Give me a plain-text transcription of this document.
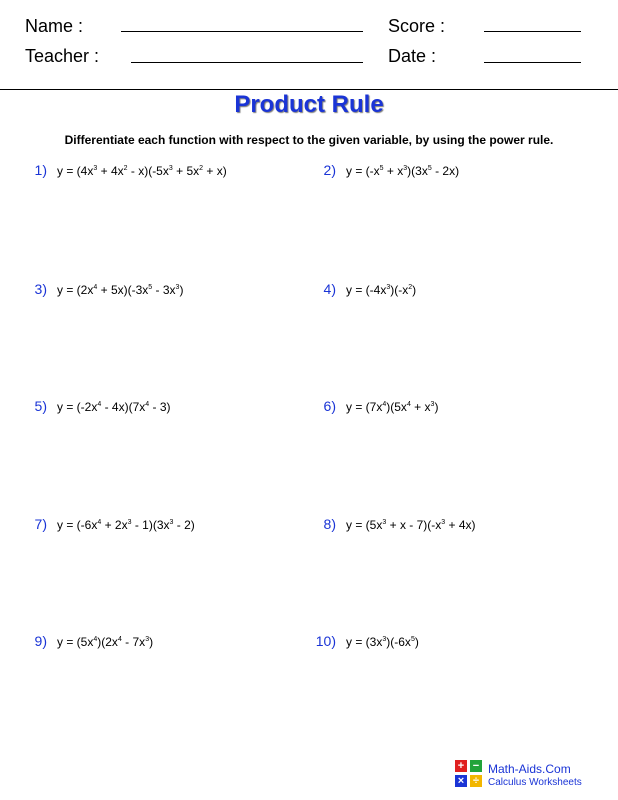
Name :	Score :
Teacher :	Date :
Product Rule
Differentiate each function with respect to the given variable, by using the power rule.
1) $y = (4x^3 + 4x^2 - x)(-5x^3 + 5x^2 + x)$	2) $y = (-x^5 + x^3)(3x^5 - 2x)$
3) $y = (2x^4 + 5x)(-3x^5 - 3x^3)$	4) $y = (-4x^3)(-x^2)$
5) $y = (-2x^4 - 4x)(7x^4 - 3)$	6) $y = (7x^4)(5x^4 + x^3)$
7) $y = (-6x^4 + 2x^3 - 1)(3x^3 - 2)$	8) $y = (5x^3 + x - 7)(-x^3 + 4x)$
9) $y = (5x^4)(2x^4 - 7x^3)$	10) $y = (3x^3)(-6x^5)$
+ −
× ÷
Math-Aids.Com
Calculus Worksheets
